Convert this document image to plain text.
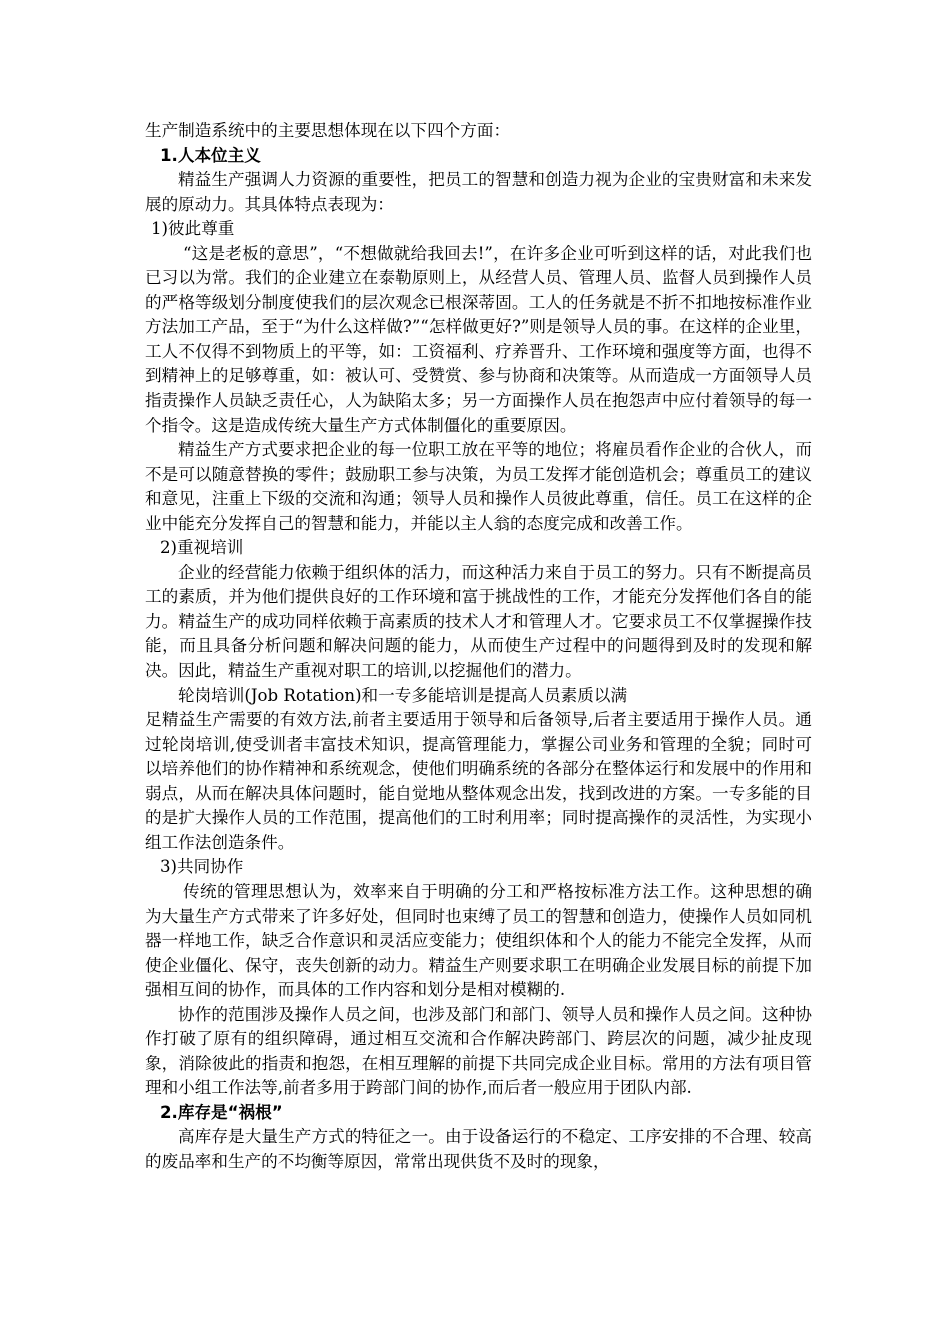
生产制造系统中的主要思想体现在以下四个方面：

1.人本位主义

精益生产强调人力资源的重要性，把员工的智慧和创造力视为企业的宝贵财富和未来发展的原动力。其具体特点表现为：

1)彼此尊重

“这是老板的意思”，“不想做就给我回去!”，在许多企业可听到这样的话，对此我们也已习以为常。我们的企业建立在泰勒原则上，从经营人员、管理人员、监督人员到操作人员的严格等级划分制度使我们的层次观念已根深蒂固。工人的任务就是不折不扣地按标准作业方法加工产品，至于“为什么这样做?”“怎样做更好?”则是领导人员的事。在这样的企业里，工人不仅得不到物质上的平等，如：工资福利、疗养晋升、工作环境和强度等方面，也得不到精神上的足够尊重，如：被认可、受赞赏、参与协商和决策等。从而造成一方面领导人员指责操作人员缺乏责任心，人为缺陷太多；另一方面操作人员在抱怨声中应付着领导的每一个指令。这是造成传统大量生产方式体制僵化的重要原因。

精益生产方式要求把企业的每一位职工放在平等的地位；将雇员看作企业的合伙人，而不是可以随意替换的零件；鼓励职工参与决策，为员工发挥才能创造机会；尊重员工的建议和意见，注重上下级的交流和沟通；领导人员和操作人员彼此尊重，信任。员工在这样的企业中能充分发挥自己的智慧和能力，并能以主人翁的态度完成和改善工作。

2)重视培训

企业的经营能力依赖于组织体的活力，而这种活力来自于员工的努力。只有不断提高员工的素质，并为他们提供良好的工作环境和富于挑战性的工作，才能充分发挥他们各自的能力。精益生产的成功同样依赖于高素质的技术人才和管理人才。它要求员工不仅掌握操作技能，而且具备分析问题和解决问题的能力，从而使生产过程中的问题得到及时的发现和解决。因此，精益生产重视对职工的培训,以挖掘他们的潜力。

轮岗培训(Job Rotation)和一专多能培训是提高人员素质以满

足精益生产需要的有效方法,前者主要适用于领导和后备领导,后者主要适用于操作人员。通过轮岗培训,使受训者丰富技术知识，提高管理能力，掌握公司业务和管理的全貌；同时可以培养他们的协作精神和系统观念，使他们明确系统的各部分在整体运行和发展中的作用和弱点，从而在解决具体问题时，能自觉地从整体观念出发，找到改进的方案。一专多能的目的是扩大操作人员的工作范围，提高他们的工时利用率；同时提高操作的灵活性，为实现小组工作法创造条件。

3)共同协作

传统的管理思想认为，效率来自于明确的分工和严格按标准方法工作。这种思想的确为大量生产方式带来了许多好处，但同时也束缚了员工的智慧和创造力，使操作人员如同机器一样地工作，缺乏合作意识和灵活应变能力；使组织体和个人的能力不能完全发挥，从而使企业僵化、保守，丧失创新的动力。精益生产则要求职工在明确企业发展目标的前提下加强相互间的协作，而具体的工作内容和划分是相对模糊的.

协作的范围涉及操作人员之间，也涉及部门和部门、领导人员和操作人员之间。这种协作打破了原有的组织障碍，通过相互交流和合作解决跨部门、跨层次的问题，减少扯皮现象，消除彼此的指责和抱怨，在相互理解的前提下共同完成企业目标。常用的方法有项目管理和小组工作法等,前者多用于跨部门间的协作,而后者一般应用于团队内部.

2.库存是“祸根”

高库存是大量生产方式的特征之一。由于设备运行的不稳定、工序安排的不合理、较高的废品率和生产的不均衡等原因，常常出现供货不及时的现象，
